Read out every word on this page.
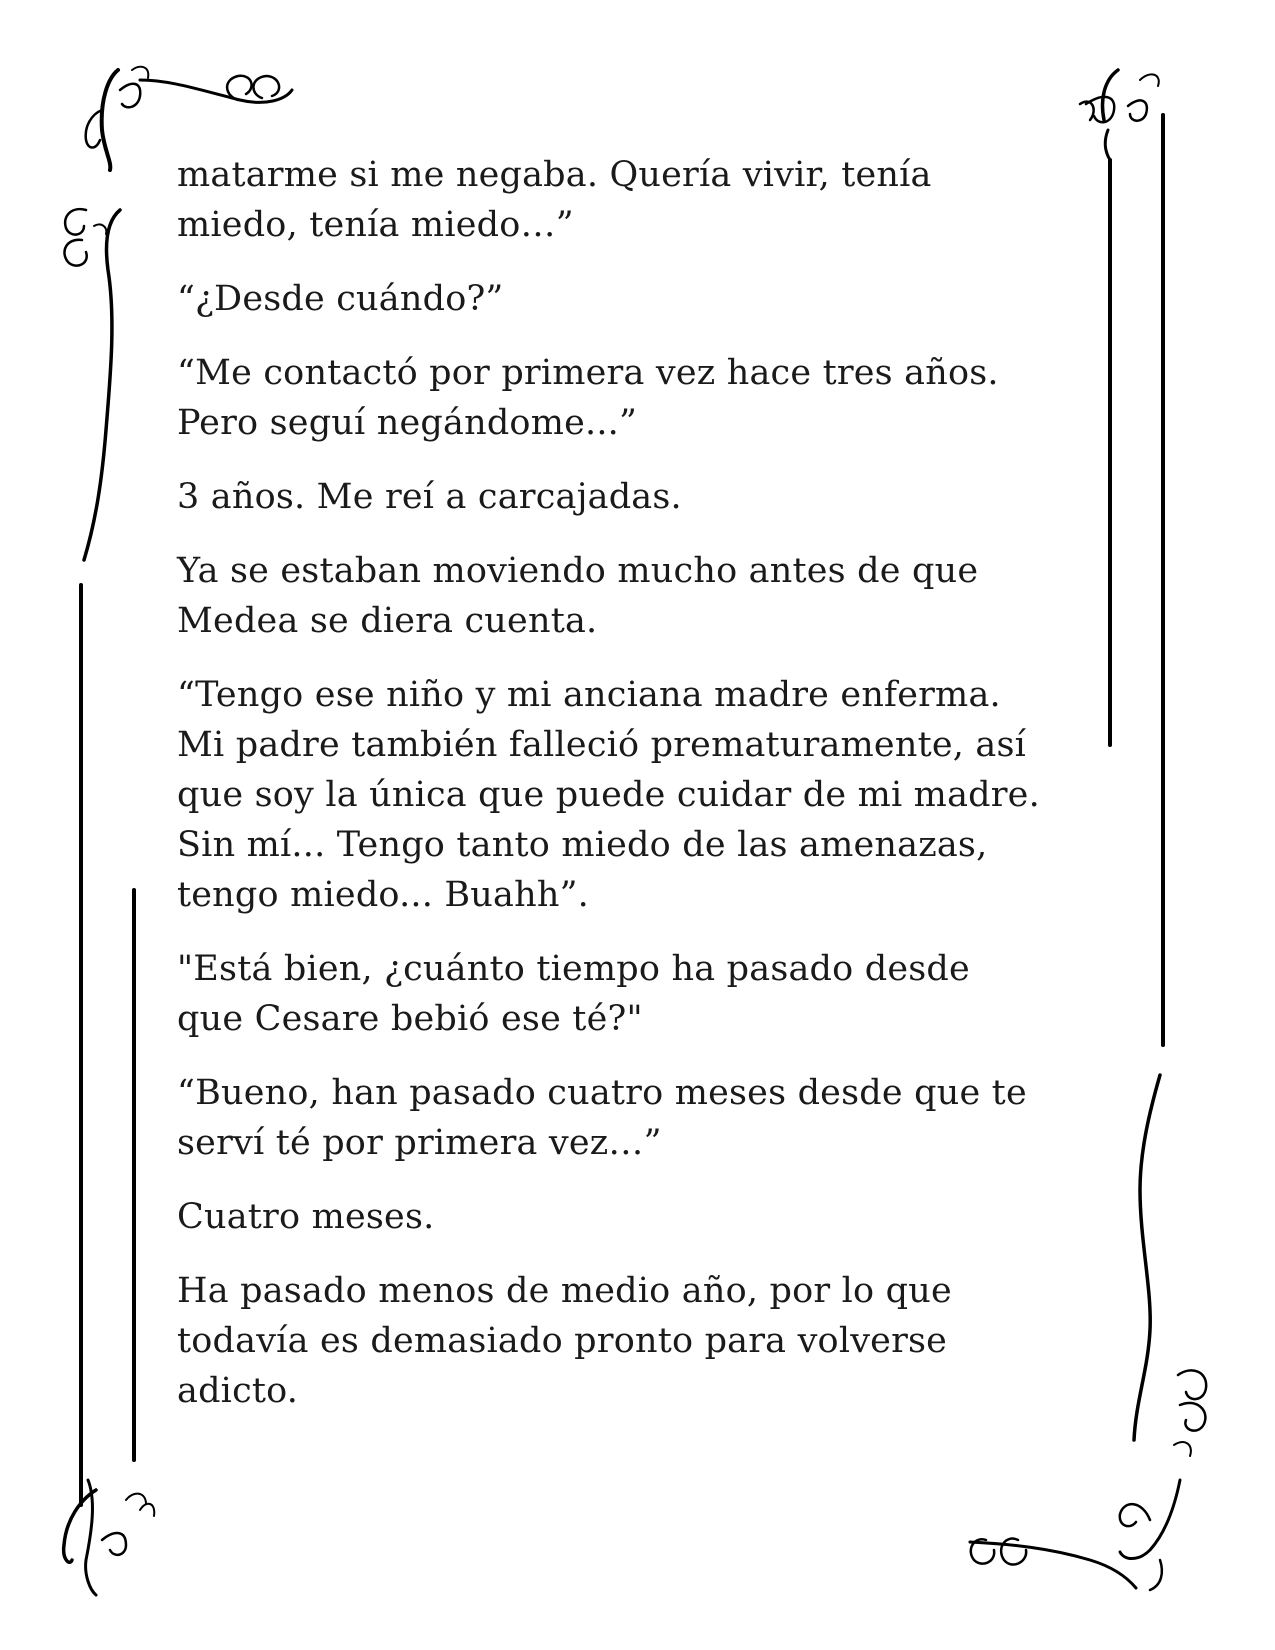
matarme si me negaba. Quería vivir, tenía
miedo, tenía miedo…”

“¿Desde cuándo?”

“Me contactó por primera vez hace tres años.
Pero seguí negándome...”

3 años. Me reí a carcajadas.

Ya se estaban moviendo mucho antes de que
Medea se diera cuenta.

“Tengo ese niño y mi anciana madre enferma.
Mi padre también falleció prematuramente, así
que soy la única que puede cuidar de mi madre.
Sin mí... Tengo tanto miedo de las amenazas,
tengo miedo... Buahh”.

"Está bien, ¿cuánto tiempo ha pasado desde
que Cesare bebió ese té?"

“Bueno, han pasado cuatro meses desde que te
serví té por primera vez…”

Cuatro meses.

Ha pasado menos de medio año, por lo que
todavía es demasiado pronto para volverse
adicto.
